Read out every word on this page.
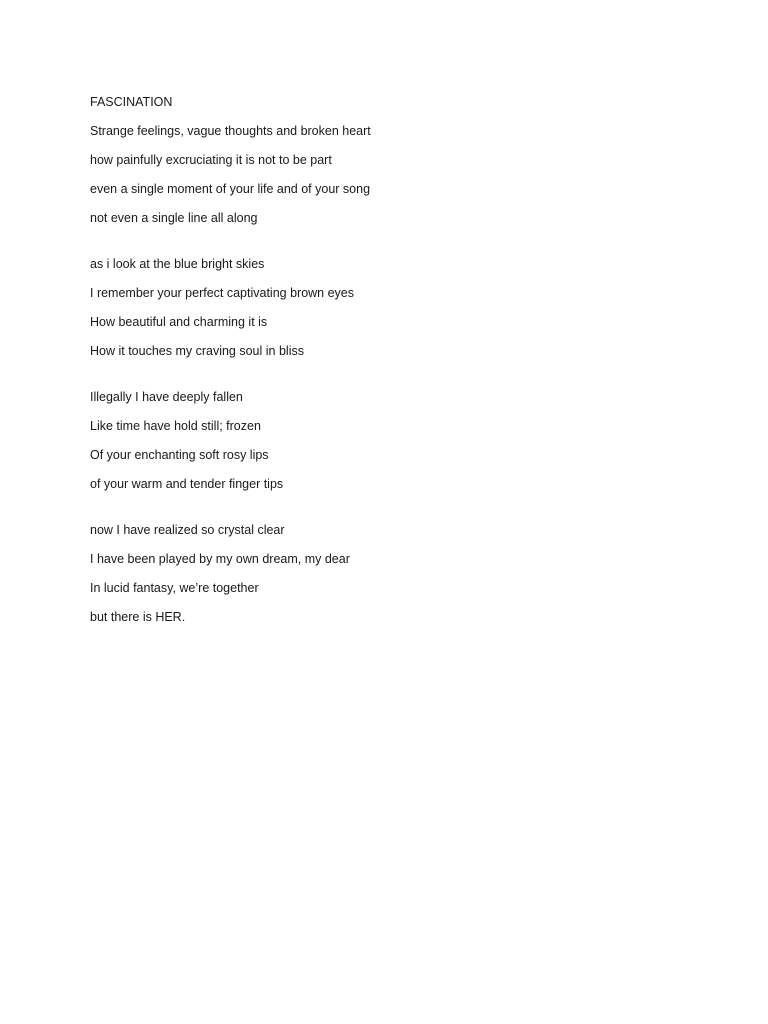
FASCINATION
Strange feelings, vague thoughts and broken heart
how painfully excruciating it is not to be part
even a single moment of your life and of your song
not even a single line all along
as i look at the blue bright skies
I remember your perfect captivating brown eyes
How beautiful and charming it is
How it touches my craving soul in bliss
Illegally I have deeply fallen
Like time have hold still; frozen
Of your enchanting soft rosy lips
of your warm and tender finger tips
now I have realized so crystal clear
I have been played by my own dream, my dear
In lucid fantasy, we’re together
but there is HER.
